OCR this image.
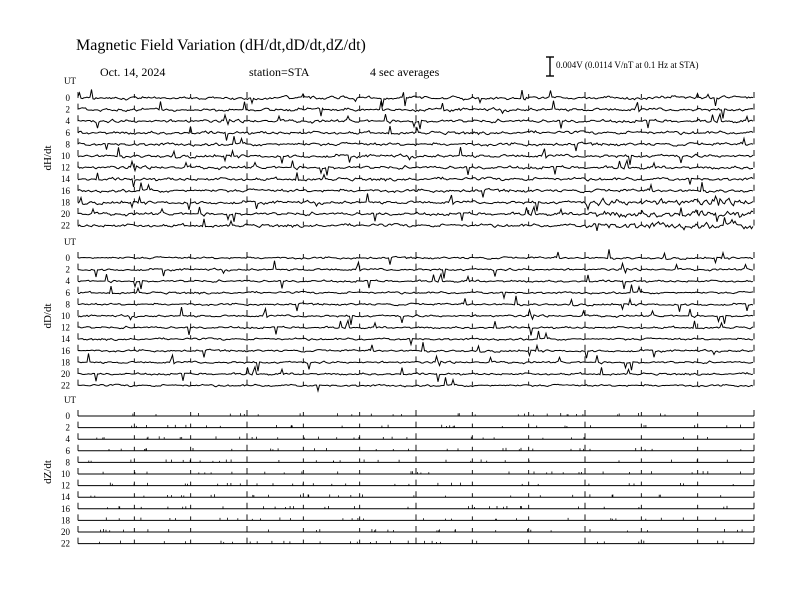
Magnetic Field Variation (dH/dt,dD/dt,dZ/dt)
Oct. 14, 2024	station=STA	4 sec averages	0.004V (0.0114 V/nT at 0.1 Hz at STA)
UT
dH/dt
0
2
4
6
8
10
12
14
16
18
20
22
UT
dD/dt
0
2
4
6
8
10
12
14
16
18
20
22
UT
dZ/dt
0
2
4
6
8
10
12
14
16
18
20
22
